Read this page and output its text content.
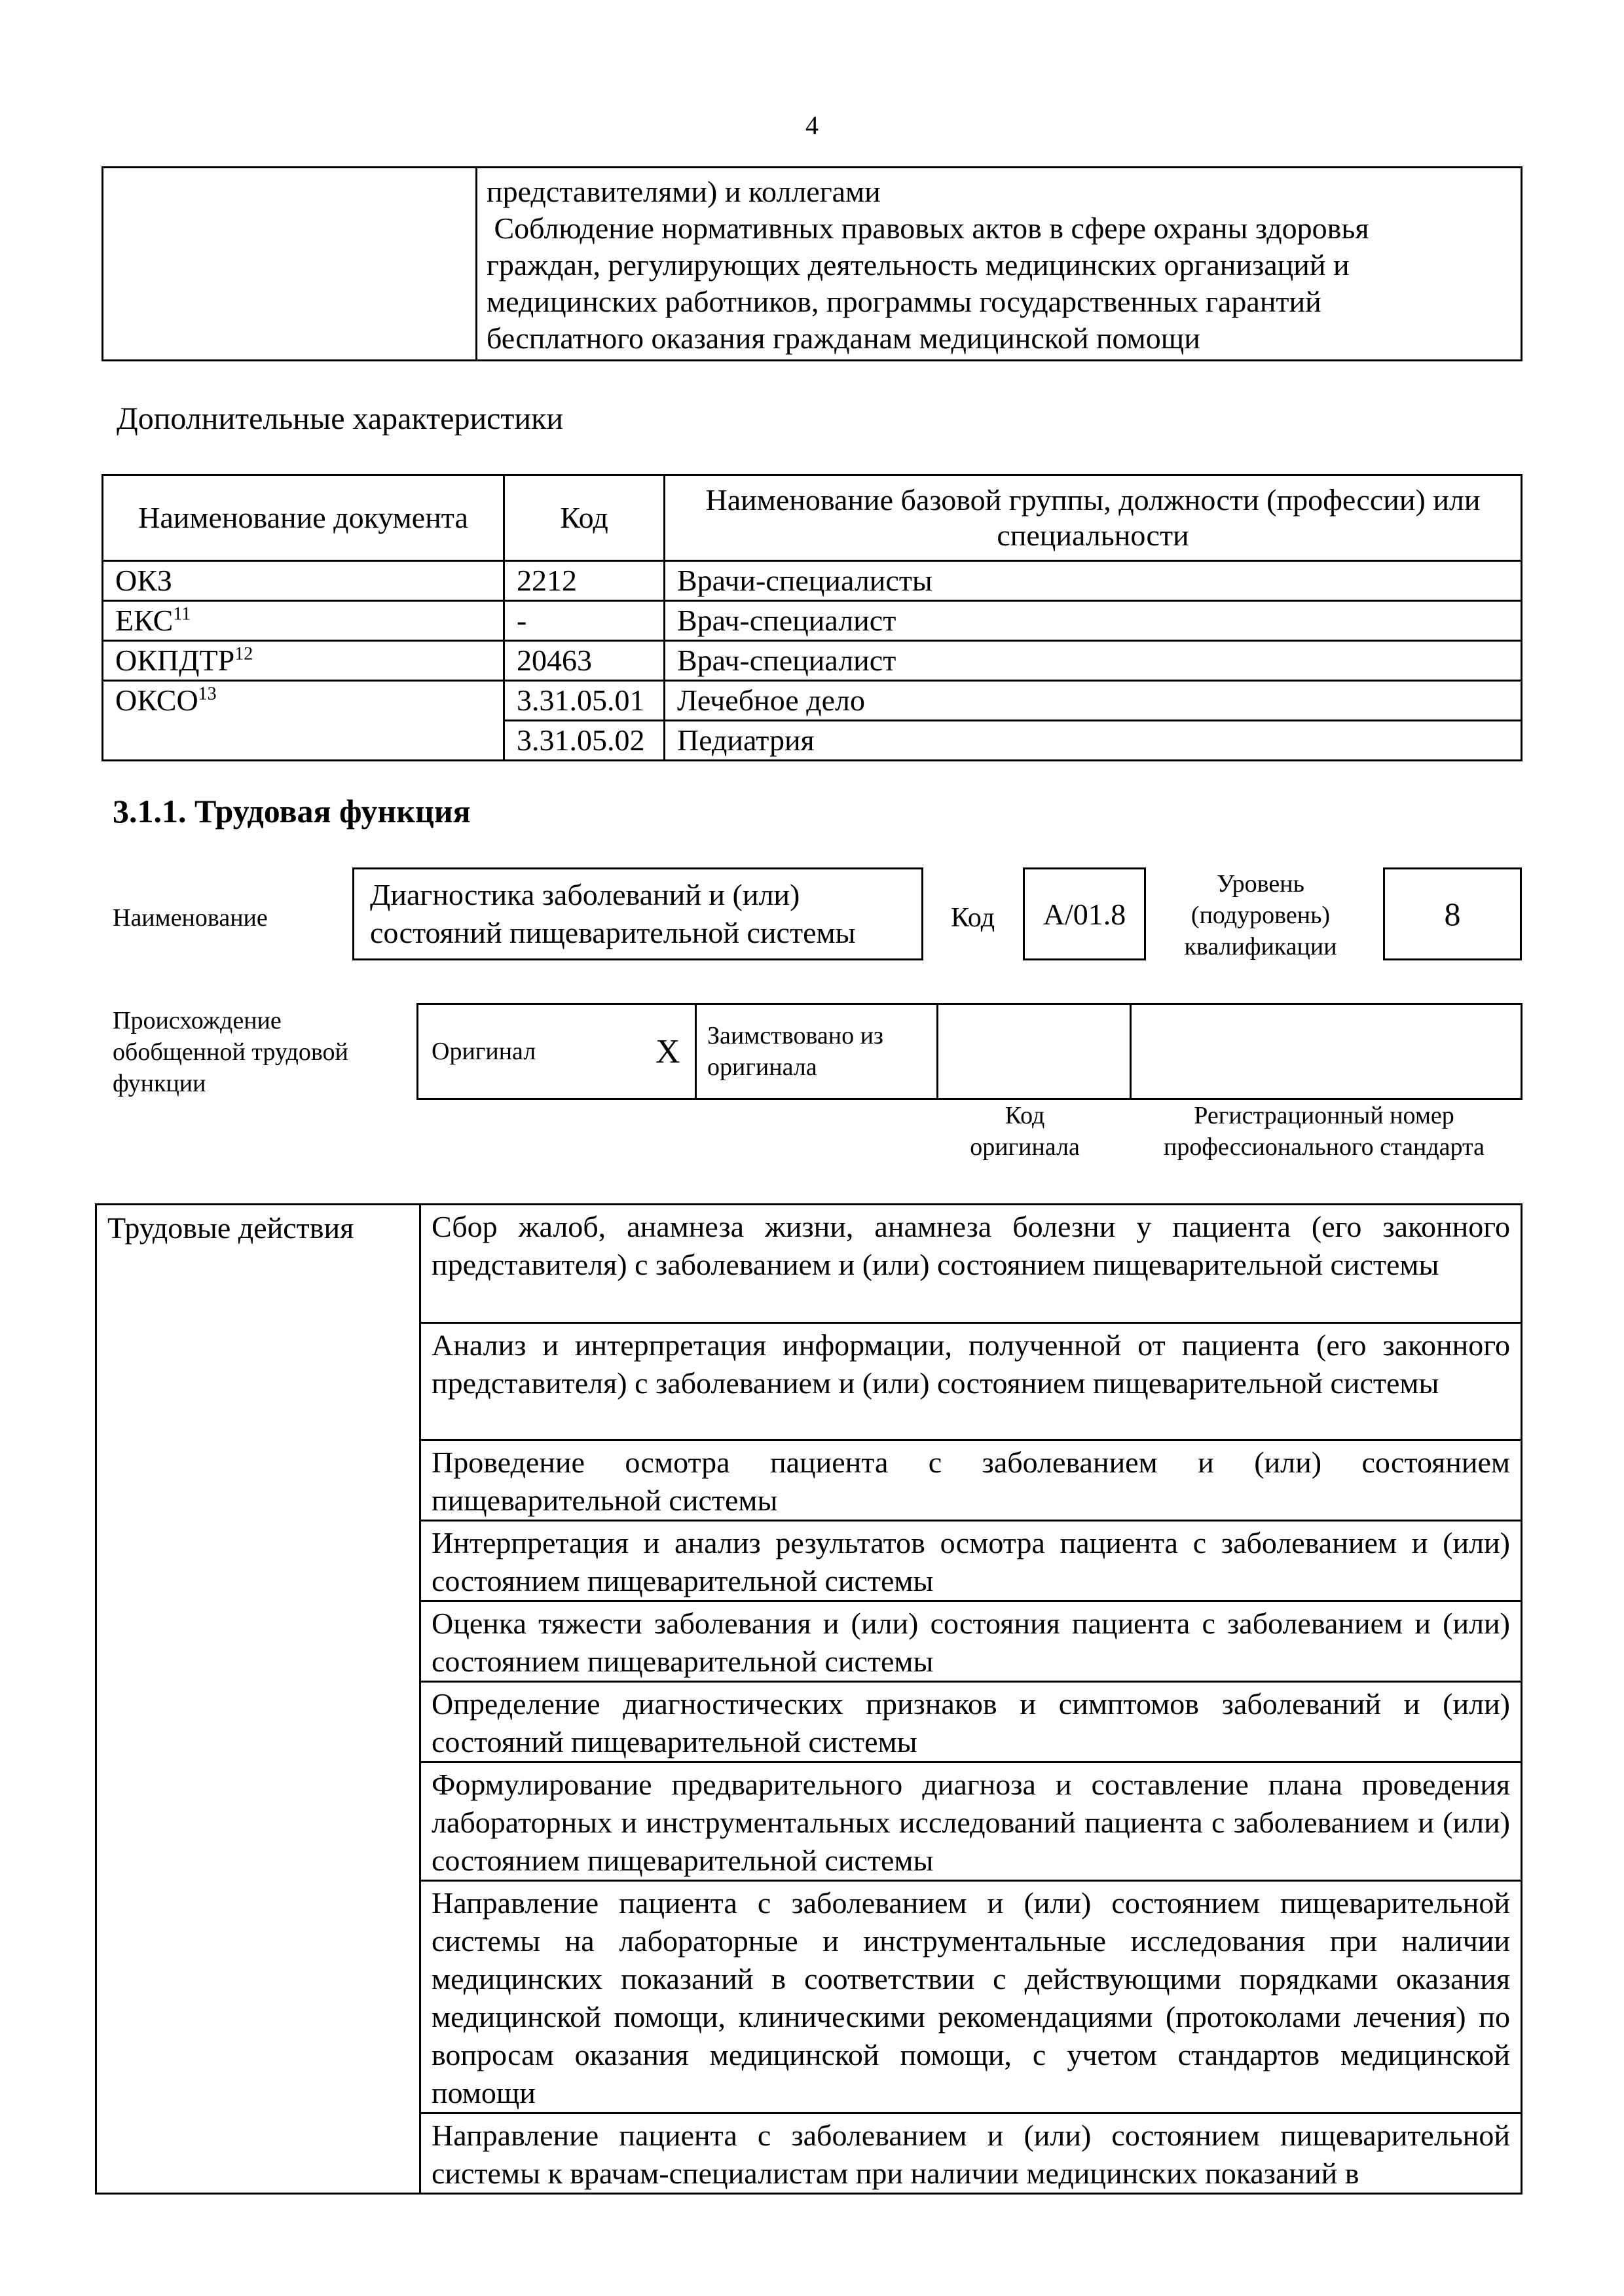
4

представителями) и коллегами
Соблюдение нормативных правовых актов в сфере охраны здоровья
граждан, регулирующих деятельность медицинских организаций и
медицинских работников, программы государственных гарантий
бесплатного оказания гражданам медицинской помощи
Дополнительные характеристики
Наименование документа	Код	Наименование базовой группы, должности (профессии) или специальности
ОКЗ	2212	Врачи-специалисты
ЕКС$^{11}$	-	Врач-специалист
ОКПДТР$^{12}$	20463	Врач-специалист
ОКСО$^{13}$	3.31.05.01	Лечебное дело
	3.31.05.02	Педиатрия
3.1.1. Трудовая функция
Наименование
Диагностика заболеваний и (или)
состояний пищеварительной системы	Код	A/01.8
Уровень
(подуровень)
квалификации
8
Происхождение
обобщенной трудовой
функции
Оригинал	X	Заимствовано из
оригинала

Код
оригинала
Регистрационный номер
профессионального стандарта
Трудовые действия	Сбор жалоб, анамнеза жизни, анамнеза болезни у пациента (его законного представителя) с заболеванием и (или) состоянием пищеварительной системы
Анализ и интерпретация информации, полученной от пациента (его законного представителя) с заболеванием и (или) состоянием пищеварительной системы
Проведение осмотра пациента с заболеванием и (или) состоянием пищеварительной системы
Интерпретация и анализ результатов осмотра пациента с заболеванием и (или) состоянием пищеварительной системы
Оценка тяжести заболевания и (или) состояния пациента с заболеванием и (или) состоянием пищеварительной системы
Определение диагностических признаков и симптомов заболеваний и (или) состояний пищеварительной системы
Формулирование предварительного диагноза и составление плана проведения лабораторных и инструментальных исследований пациента с заболеванием и (или) состоянием пищеварительной системы
Направление пациента с заболеванием и (или) состоянием пищеварительной системы на лабораторные и инструментальные исследования при наличии медицинских показаний в соответствии с действующими порядками оказания медицинской помощи, клиническими рекомендациями (протоколами лечения) по вопросам оказания медицинской помощи, с учетом стандартов медицинской помощи
Направление пациента с заболеванием и (или) состоянием пищеварительной системы к врачам-специалистам при наличии медицинских показаний в
